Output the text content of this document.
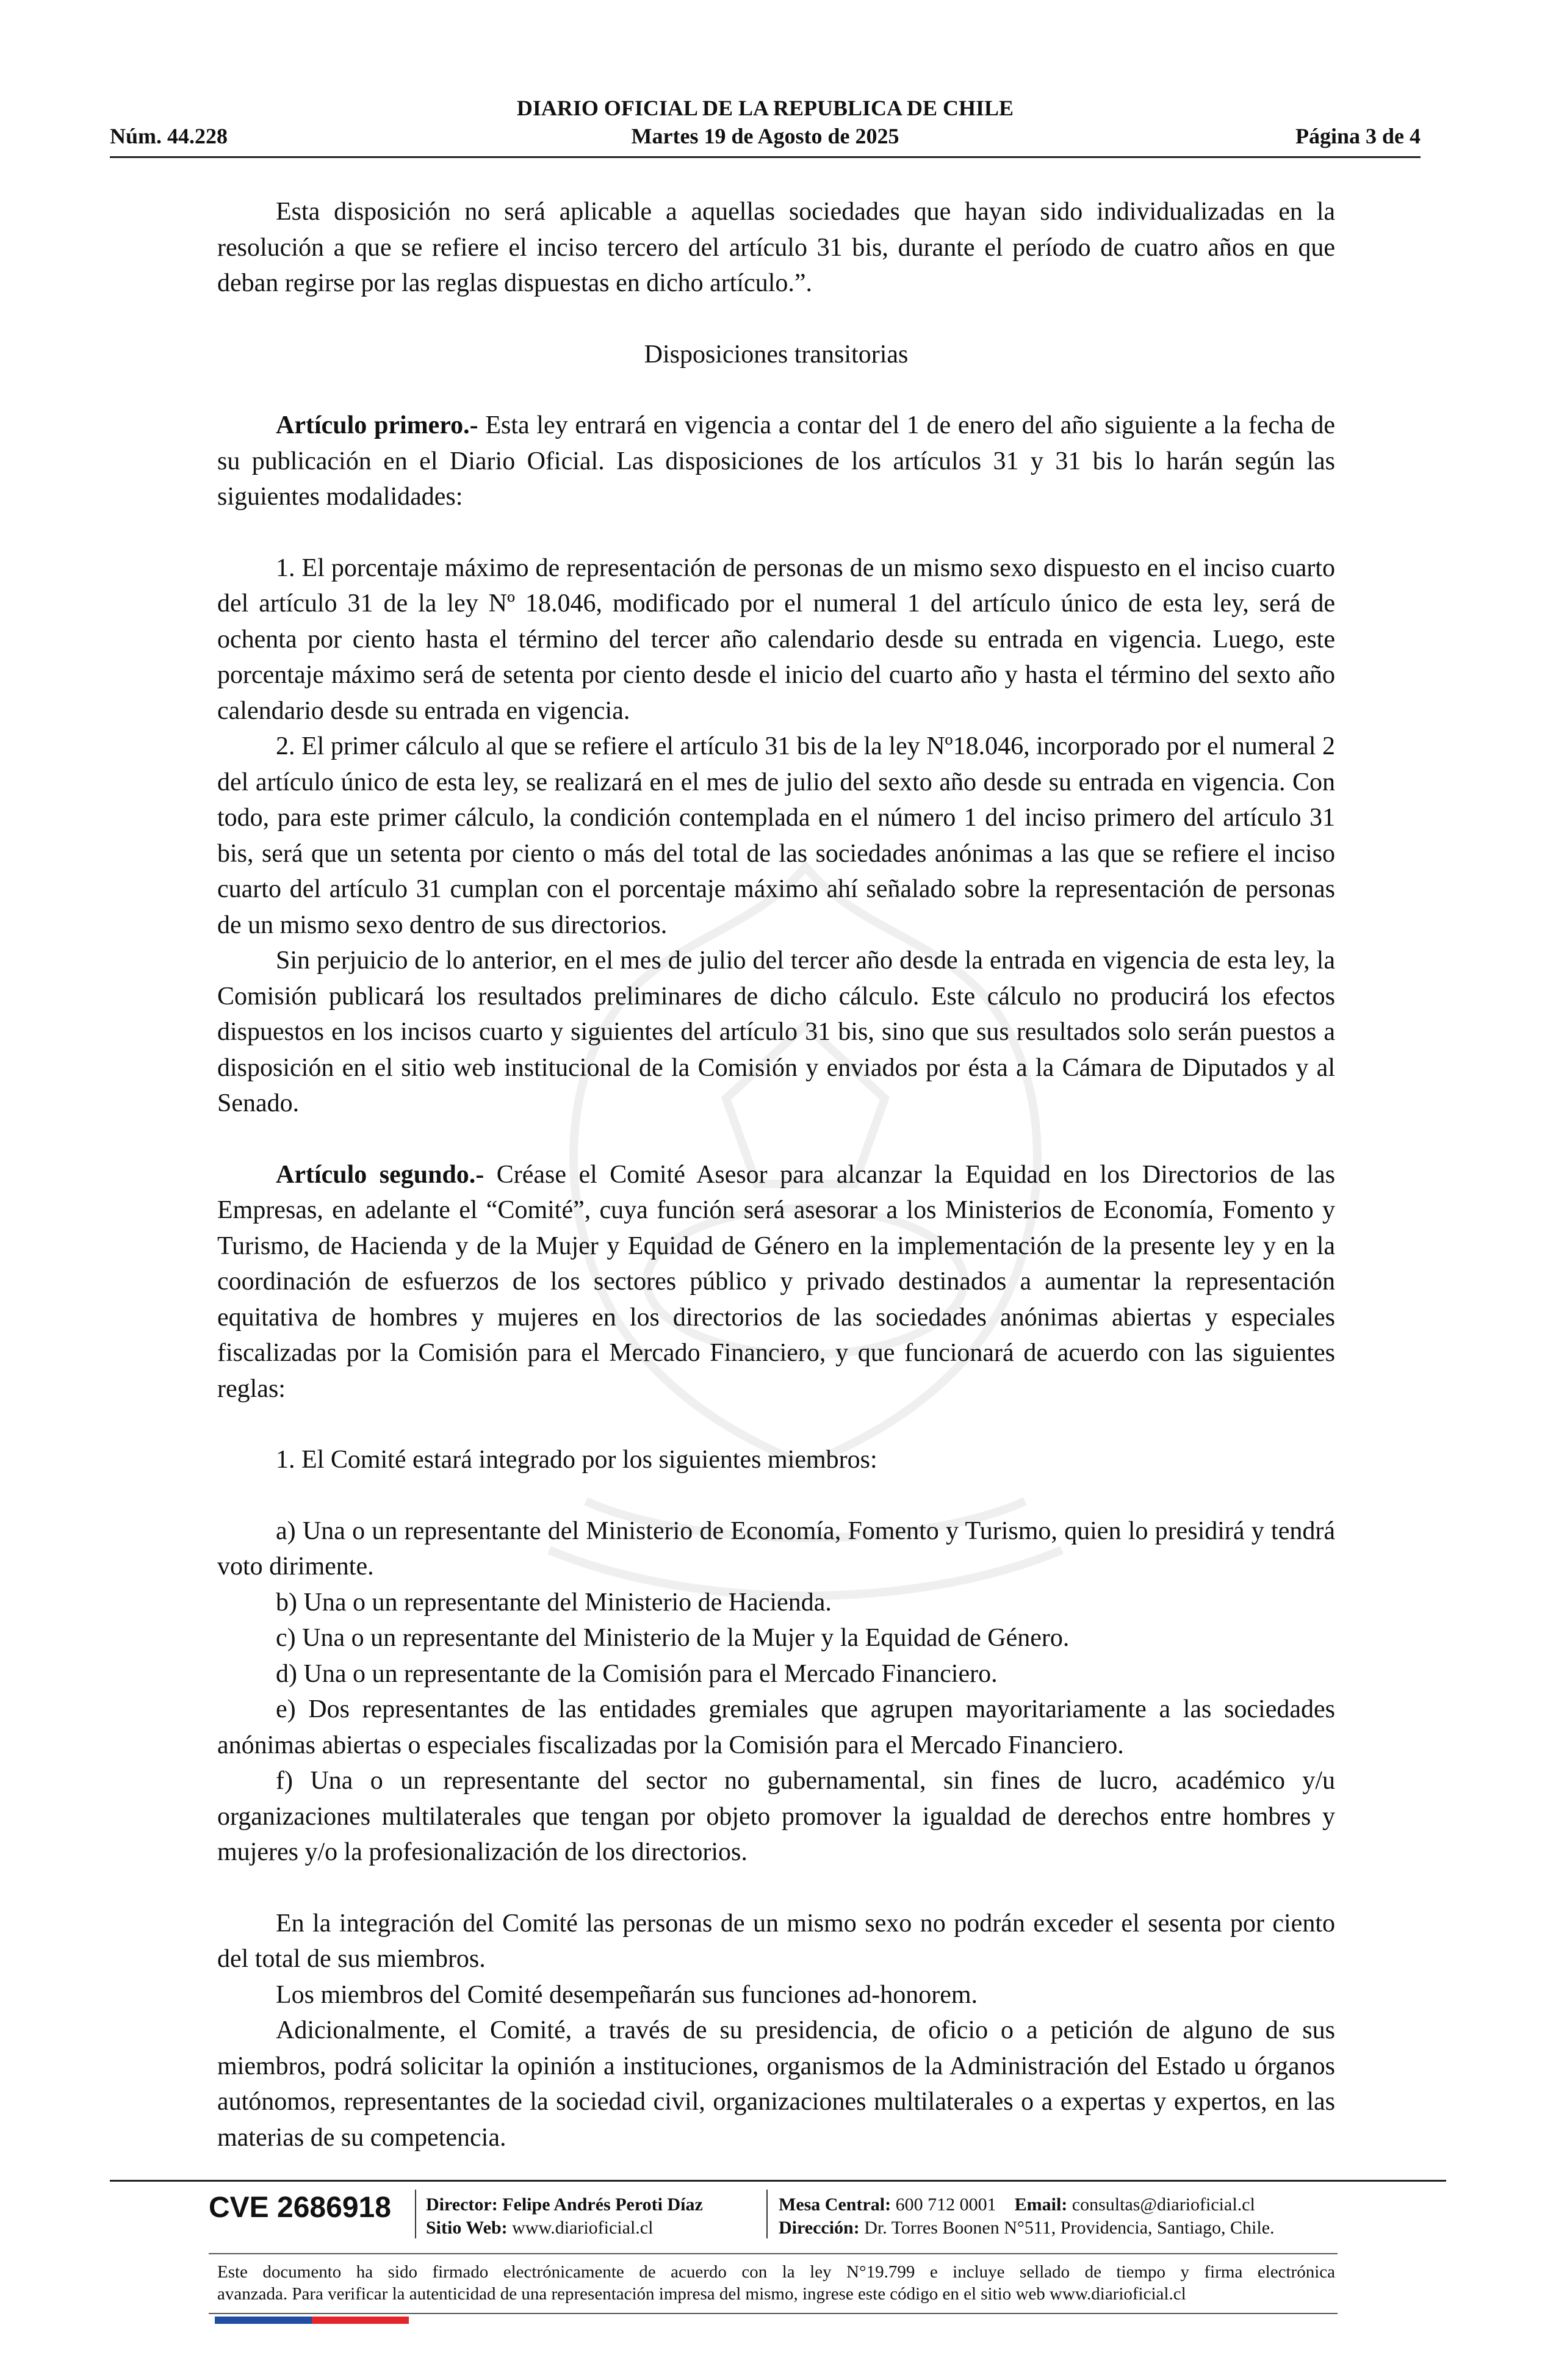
DIARIO OFICIAL DE LA REPUBLICA DE CHILE
Núm. 44.228	Martes 19 de Agosto de 2025	Página 3 de 4

Esta disposición no será aplicable a aquellas sociedades que hayan sido individualizadas en la resolución a que se refiere el inciso tercero del artículo 31 bis, durante el período de cuatro años en que deban regirse por las reglas dispuestas en dicho artículo.”.

Disposiciones transitorias

Artículo primero.- Esta ley entrará en vigencia a contar del 1 de enero del año siguiente a la fecha de su publicación en el Diario Oficial. Las disposiciones de los artículos 31 y 31 bis lo harán según las siguientes modalidades:

1. El porcentaje máximo de representación de personas de un mismo sexo dispuesto en el inciso cuarto del artículo 31 de la ley Nº 18.046, modificado por el numeral 1 del artículo único de esta ley, será de ochenta por ciento hasta el término del tercer año calendario desde su entrada en vigencia. Luego, este porcentaje máximo será de setenta por ciento desde el inicio del cuarto año y hasta el término del sexto año calendario desde su entrada en vigencia.

2. El primer cálculo al que se refiere el artículo 31 bis de la ley Nº18.046, incorporado por el numeral 2 del artículo único de esta ley, se realizará en el mes de julio del sexto año desde su entrada en vigencia. Con todo, para este primer cálculo, la condición contemplada en el número 1 del inciso primero del artículo 31 bis, será que un setenta por ciento o más del total de las sociedades anónimas a las que se refiere el inciso cuarto del artículo 31 cumplan con el porcentaje máximo ahí señalado sobre la representación de personas de un mismo sexo dentro de sus directorios.

Sin perjuicio de lo anterior, en el mes de julio del tercer año desde la entrada en vigencia de esta ley, la Comisión publicará los resultados preliminares de dicho cálculo. Este cálculo no producirá los efectos dispuestos en los incisos cuarto y siguientes del artículo 31 bis, sino que sus resultados solo serán puestos a disposición en el sitio web institucional de la Comisión y enviados por ésta a la Cámara de Diputados y al Senado.

Artículo segundo.- Créase el Comité Asesor para alcanzar la Equidad en los Directorios de las Empresas, en adelante el “Comité”, cuya función será asesorar a los Ministerios de Economía, Fomento y Turismo, de Hacienda y de la Mujer y Equidad de Género en la implementación de la presente ley y en la coordinación de esfuerzos de los sectores público y privado destinados a aumentar la representación equitativa de hombres y mujeres en los directorios de las sociedades anónimas abiertas y especiales fiscalizadas por la Comisión para el Mercado Financiero, y que funcionará de acuerdo con las siguientes reglas:

1. El Comité estará integrado por los siguientes miembros:

a) Una o un representante del Ministerio de Economía, Fomento y Turismo, quien lo presidirá y tendrá voto dirimente.

b) Una o un representante del Ministerio de Hacienda.

c) Una o un representante del Ministerio de la Mujer y la Equidad de Género.

d) Una o un representante de la Comisión para el Mercado Financiero.

e) Dos representantes de las entidades gremiales que agrupen mayoritariamente a las sociedades anónimas abiertas o especiales fiscalizadas por la Comisión para el Mercado Financiero.

f) Una o un representante del sector no gubernamental, sin fines de lucro, académico y/u organizaciones multilaterales que tengan por objeto promover la igualdad de derechos entre hombres y mujeres y/o la profesionalización de los directorios.

En la integración del Comité las personas de un mismo sexo no podrán exceder el sesenta por ciento del total de sus miembros.

Los miembros del Comité desempeñarán sus funciones ad-honorem.

Adicionalmente, el Comité, a través de su presidencia, de oficio o a petición de alguno de sus miembros, podrá solicitar la opinión a instituciones, organismos de la Administración del Estado u órganos autónomos, representantes de la sociedad civil, organizaciones multilaterales o a expertas y expertos, en las materias de su competencia.

CVE 2686918 Director: Felipe Andrés Peroti Díaz
Sitio Web: www.diarioficial.cl
Mesa Central: 600 712 0001 Email: consultas@diarioficial.cl
Dirección: Dr. Torres Boonen N°511, Providencia, Santiago, Chile.
Este documento ha sido firmado electrónicamente de acuerdo con la ley N°19.799 e incluye sellado de tiempo y firma electrónica
avanzada. Para verificar la autenticidad de una representación impresa del mismo, ingrese este código en el sitio web www.diarioficial.cl
